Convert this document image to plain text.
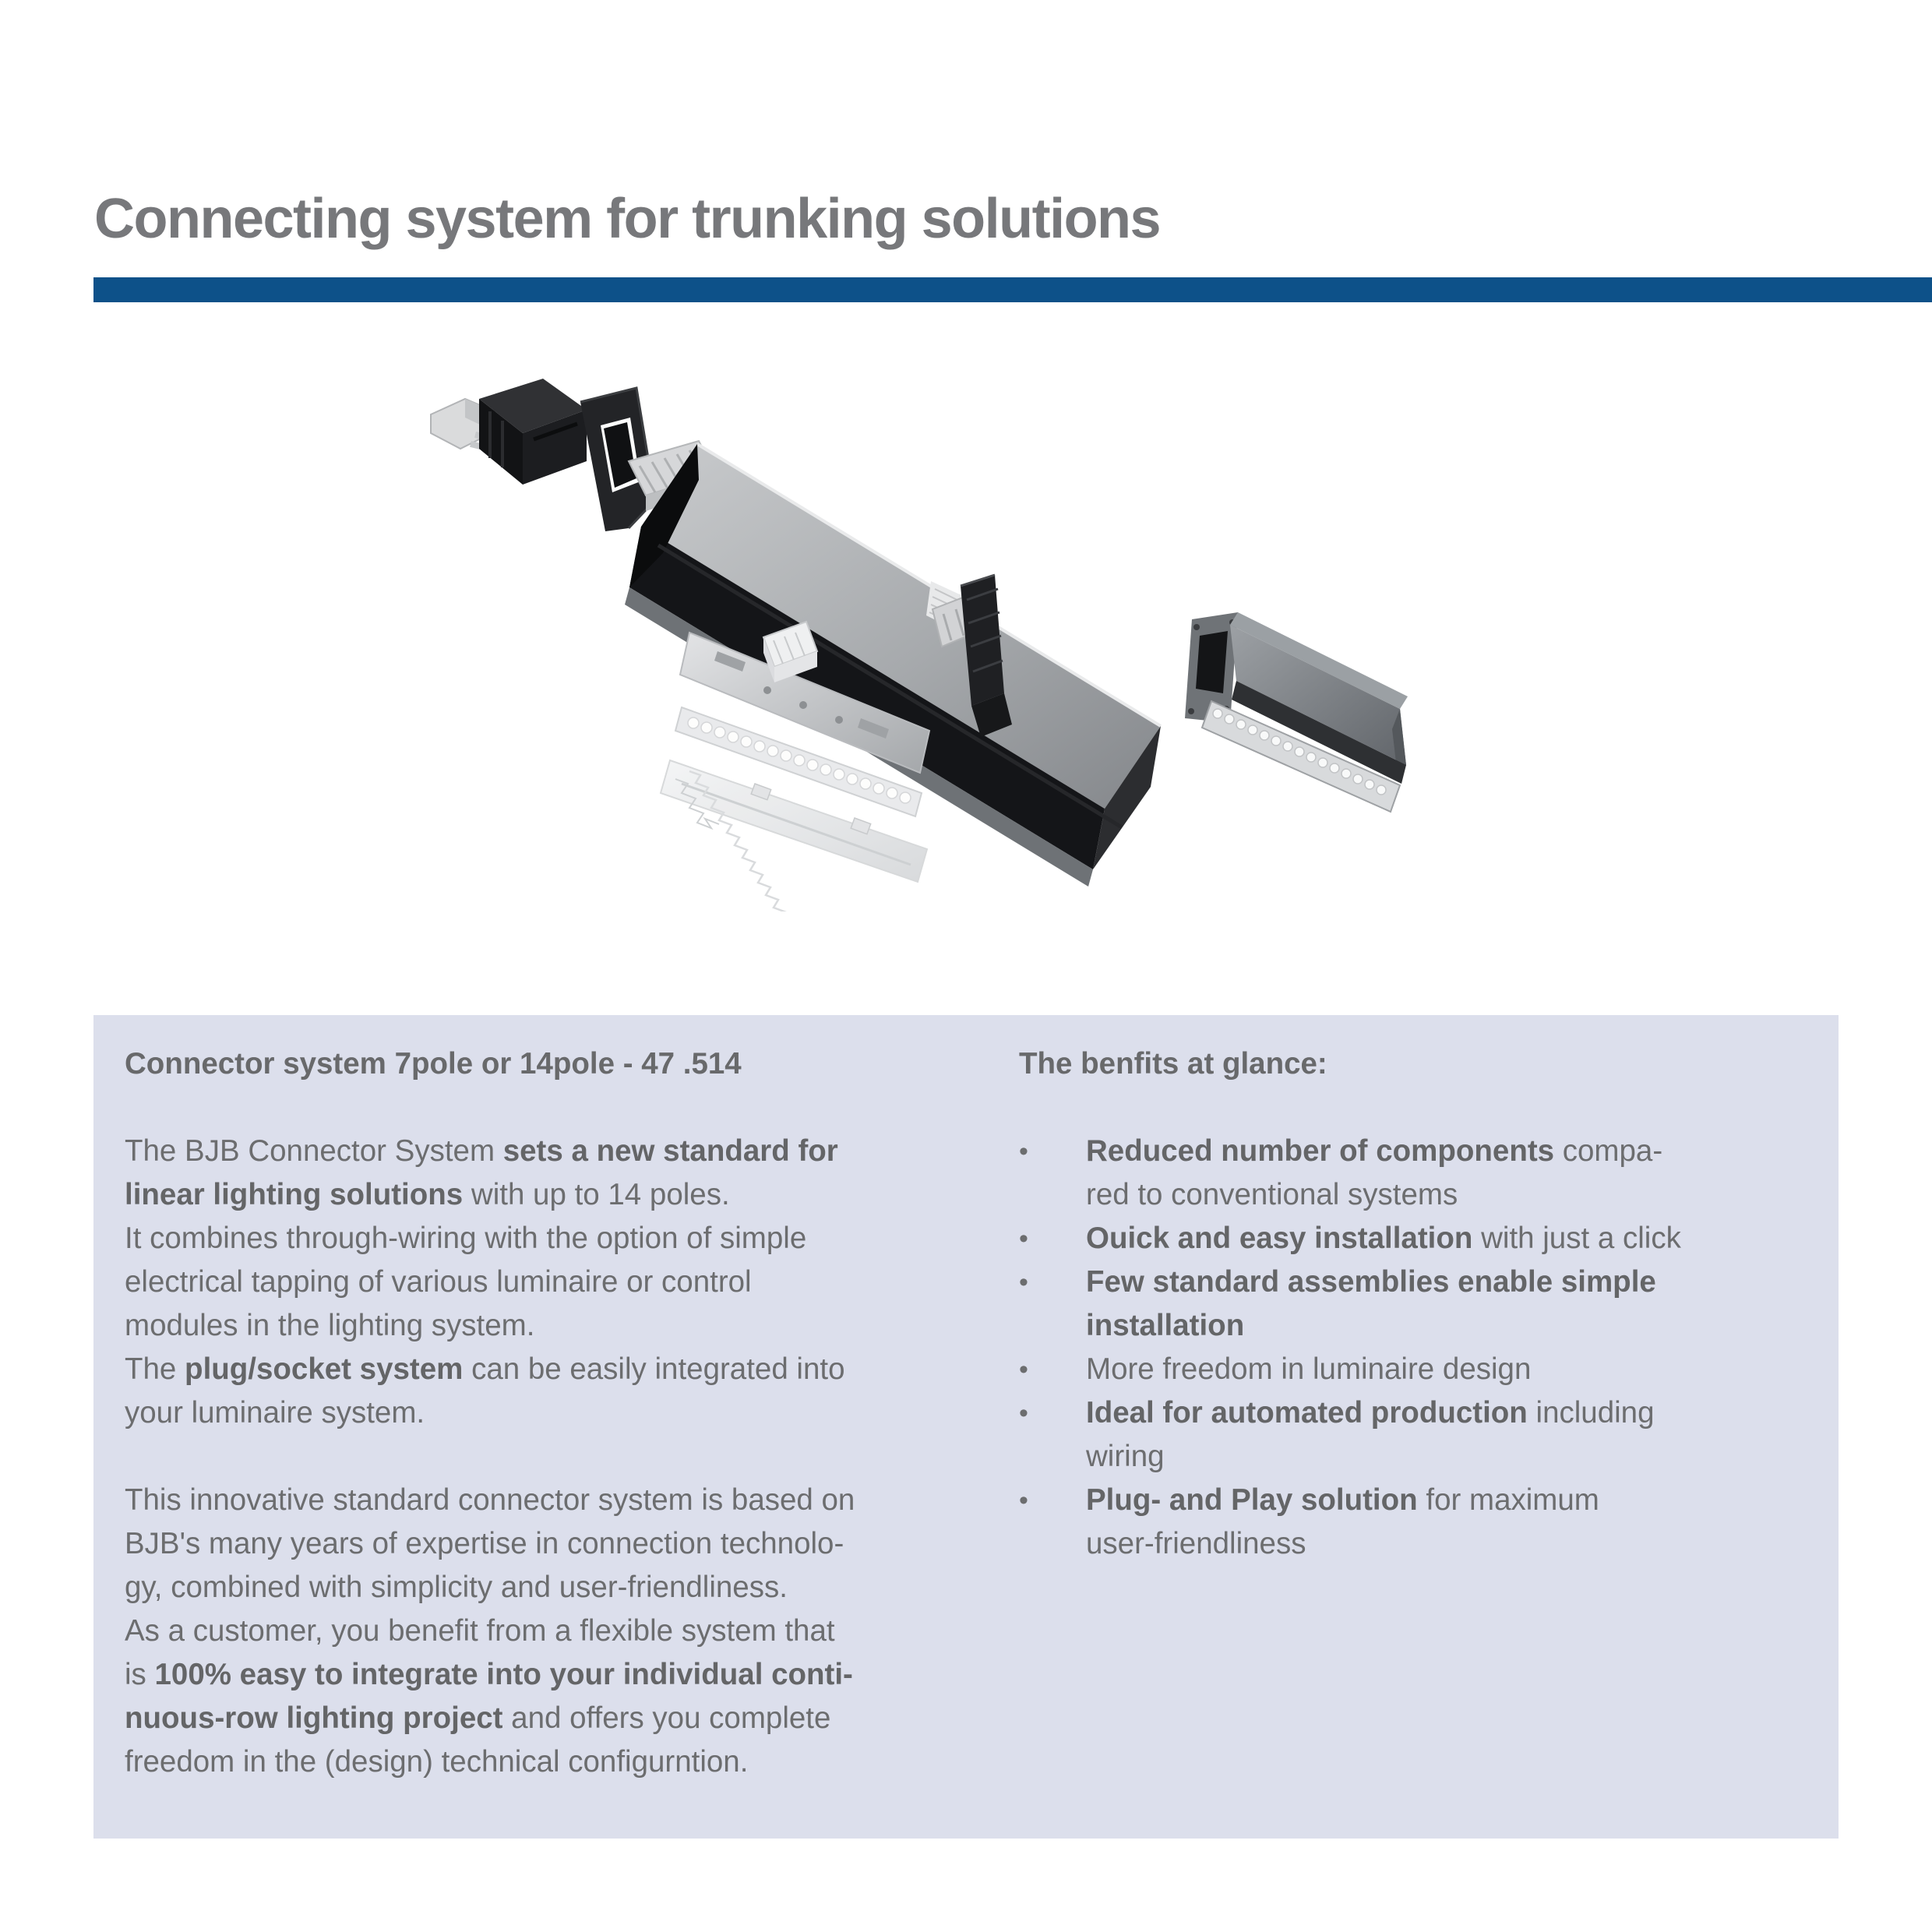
Connecting system for trunking solutions
Connector system 7pole or 14pole - 47 .514
The BJB Connector System sets a new standard for
linear lighting solutions with up to 14 poles.
It combines through-wiring with the option of simple
electrical tapping of various luminaire or control
modules in the lighting system.
The plug/socket system can be easily integrated into
your luminaire system.
This innovative standard connector system is based on
BJB's many years of expertise in connection technolo-
gy, combined with simplicity and user-friendliness.
As a customer, you benefit from a flexible system that
is 100% easy to integrate into your individual conti-
nuous-row lighting project and offers you complete
freedom in the (design) technical configurntion.
The benfits at glance:
•	Reduced number of components compa-
red to conventional systems
•	Ouick and easy installation with just a click
•	Few standard assemblies enable simple
installation
•	More freedom in luminaire design
•	Ideal for automated production including
wiring
•	Plug- and Play solution for maximum
user-friendliness
